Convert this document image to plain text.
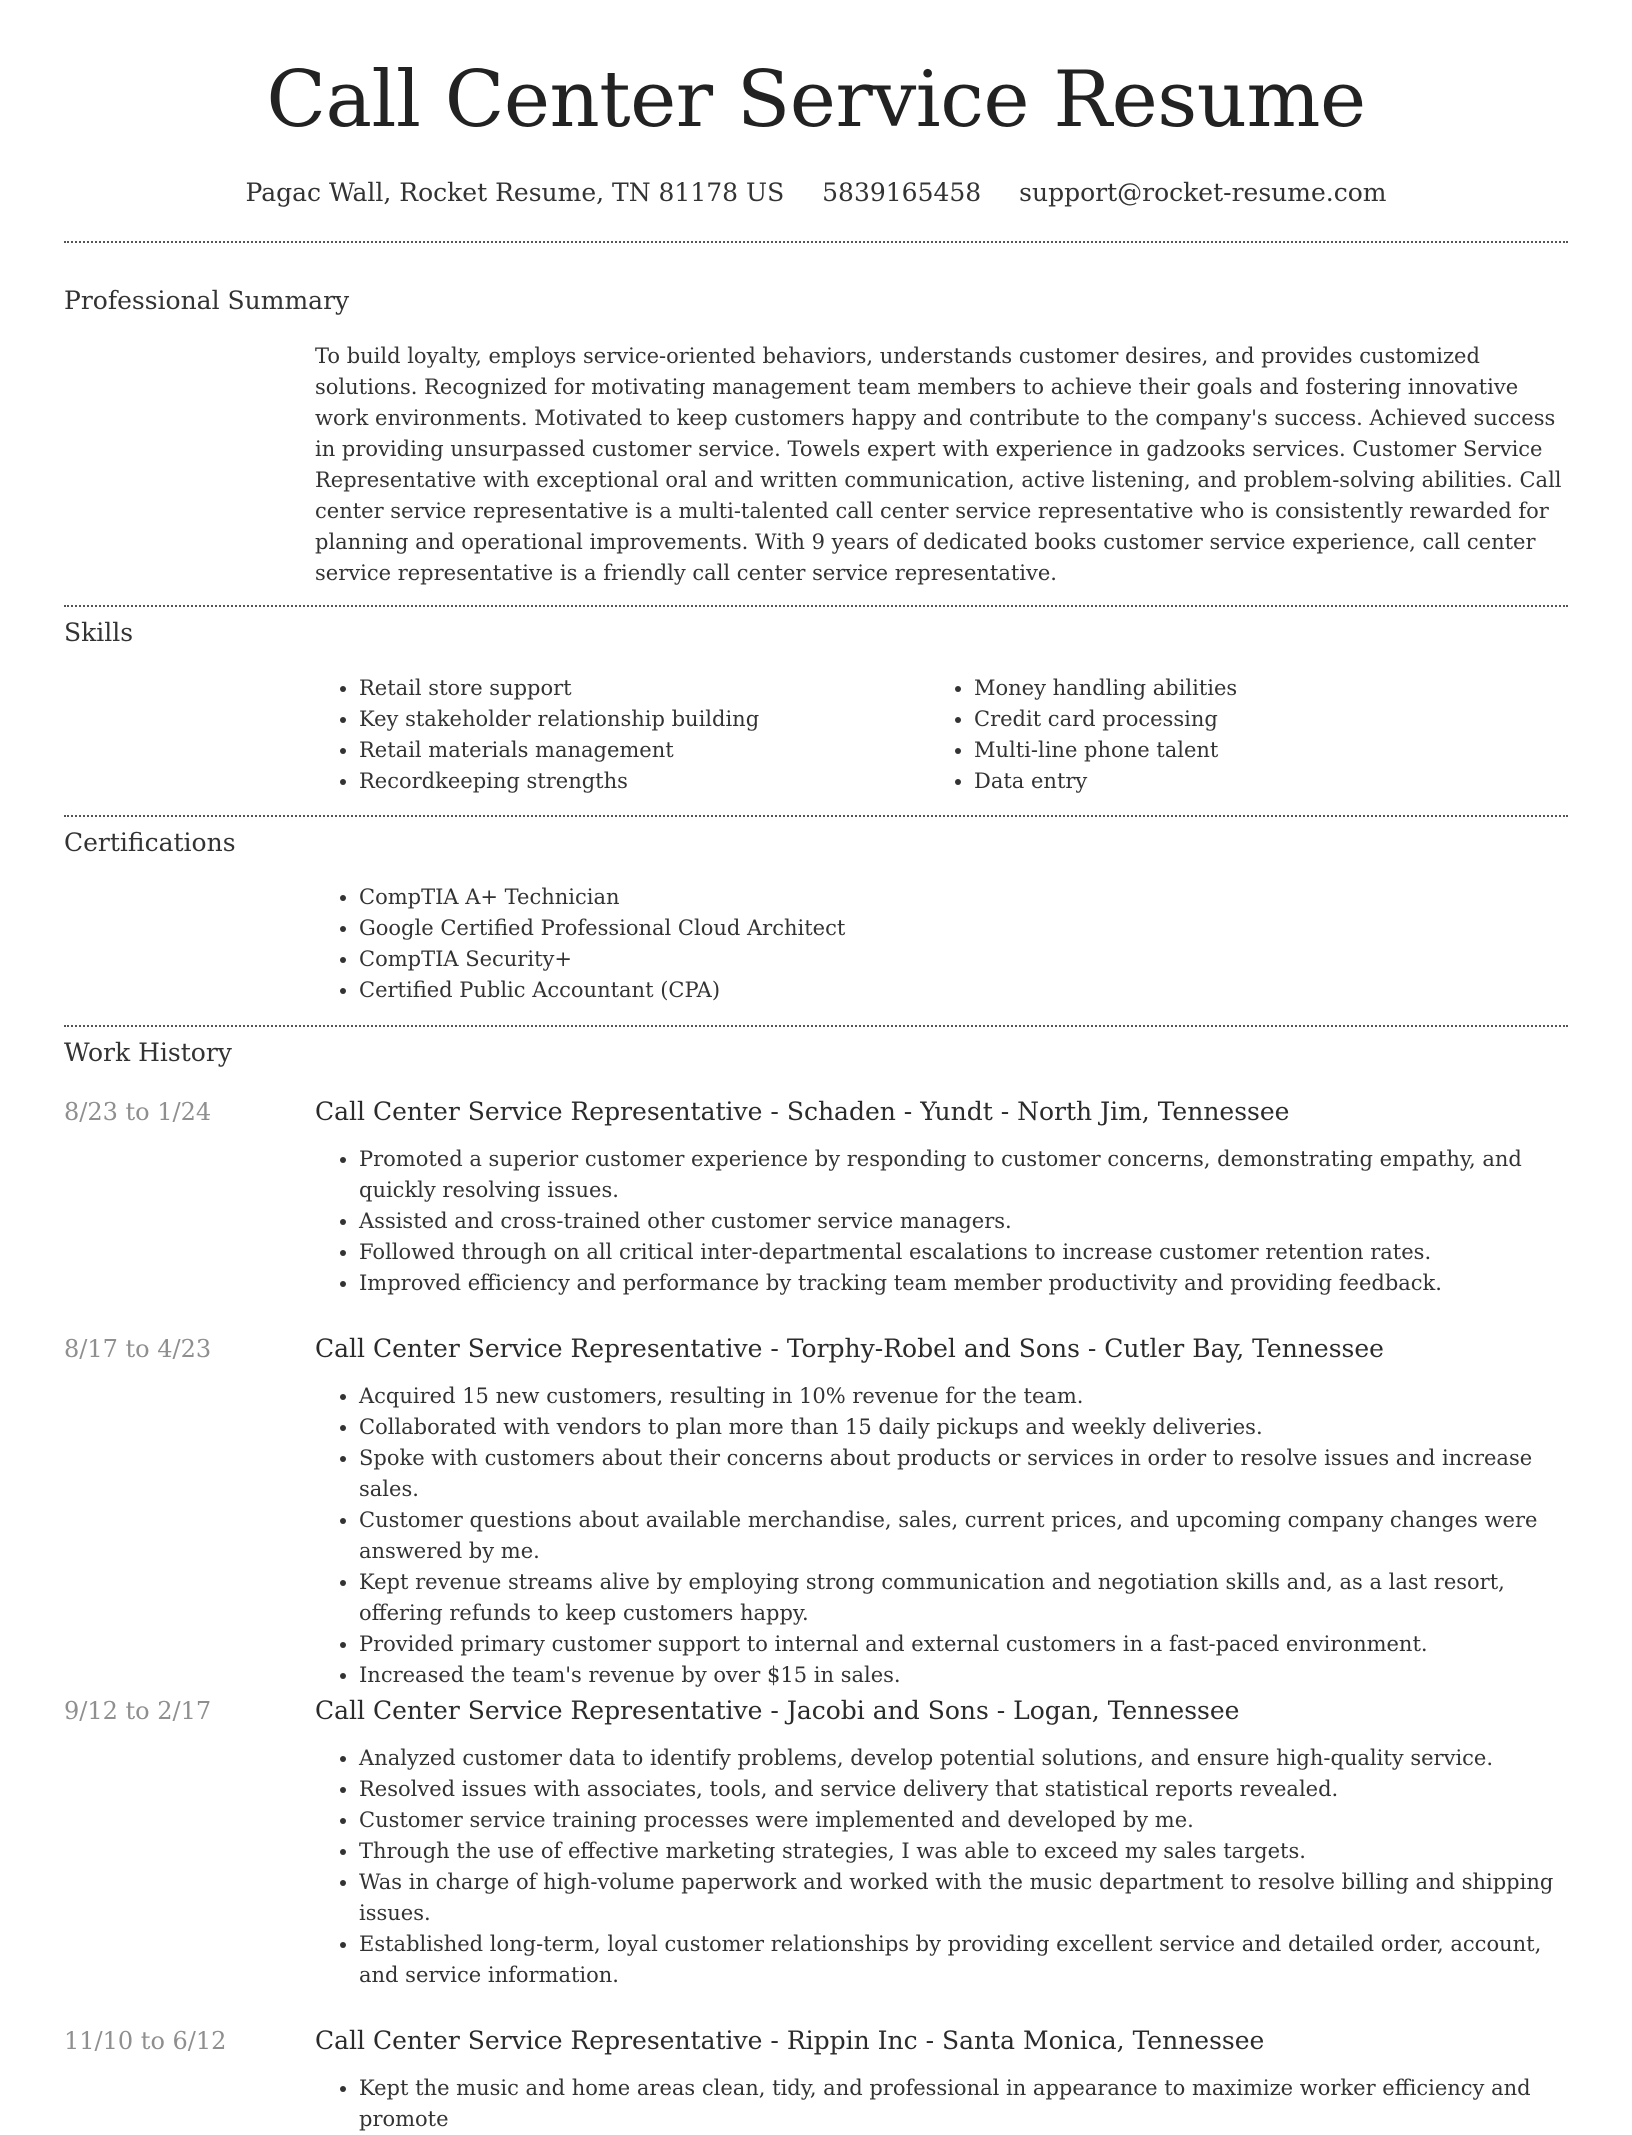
Call Center Service Resume
Pagac Wall, Rocket Resume, TN 81178 US 5839165458 support@rocket-resume.com
Professional Summary

To build loyalty, employs service-oriented behaviors, understands customer desires, and provides customized solutions. Recognized for motivating management team members to achieve their goals and fostering innovative work environments. Motivated to keep customers happy and contribute to the company's success. Achieved success in providing unsurpassed customer service. Towels expert with experience in gadzooks services. Customer Service Representative with exceptional oral and written communication, active listening, and problem-solving abilities. Call center service representative is a multi-talented call center service representative who is consistently rewarded for planning and operational improvements. With 9 years of dedicated books customer service experience, call center service representative is a friendly call center service representative.

Skills
• Retail store support
• Key stakeholder relationship building
• Retail materials management
• Recordkeeping strengths
• Money handling abilities
• Credit card processing
• Multi-line phone talent
• Data entry
Certifications
• CompTIA A+ Technician
• Google Certified Professional Cloud Architect
• CompTIA Security+
• Certified Public Accountant (CPA)
Work History
8/23 to 1/24	Call Center Service Representative - Schaden - Yundt - North Jim, Tennessee
• Promoted a superior customer experience by responding to customer concerns, demonstrating empathy, and quickly resolving issues.
• Assisted and cross-trained other customer service managers.
• Followed through on all critical inter-departmental escalations to increase customer retention rates.
• Improved efficiency and performance by tracking team member productivity and providing feedback.
8/17 to 4/23	Call Center Service Representative - Torphy-Robel and Sons - Cutler Bay, Tennessee
• Acquired 15 new customers, resulting in 10% revenue for the team.
• Collaborated with vendors to plan more than 15 daily pickups and weekly deliveries.
• Spoke with customers about their concerns about products or services in order to resolve issues and increase sales.
• Customer questions about available merchandise, sales, current prices, and upcoming company changes were answered by me.
• Kept revenue streams alive by employing strong communication and negotiation skills and, as a last resort, offering refunds to keep customers happy.
• Provided primary customer support to internal and external customers in a fast-paced environment.
• Increased the team's revenue by over $15 in sales.
9/12 to 2/17	Call Center Service Representative - Jacobi and Sons - Logan, Tennessee
• Analyzed customer data to identify problems, develop potential solutions, and ensure high-quality service.
• Resolved issues with associates, tools, and service delivery that statistical reports revealed.
• Customer service training processes were implemented and developed by me.
• Through the use of effective marketing strategies, I was able to exceed my sales targets.
• Was in charge of high-volume paperwork and worked with the music department to resolve billing and shipping issues.
• Established long-term, loyal customer relationships by providing excellent service and detailed order, account, and service information.
11/10 to 6/12	Call Center Service Representative - Rippin Inc - Santa Monica, Tennessee
• Kept the music and home areas clean, tidy, and professional in appearance to maximize worker efficiency and promote
